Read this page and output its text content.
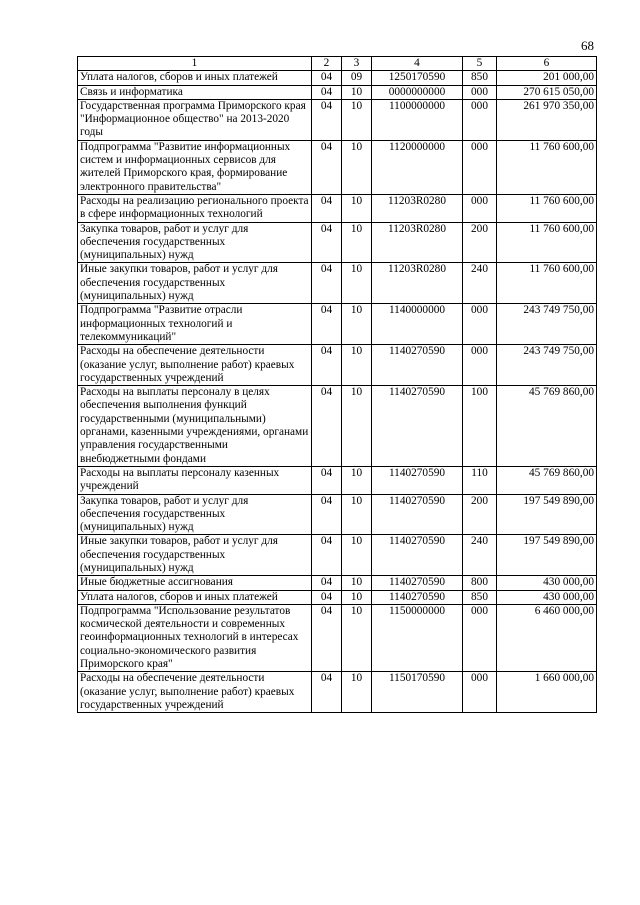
68
1	2	3	4	5	6
Уплата налогов, сборов и иных платежей	04	09	1250170590	850	201 000,00
Связь и информатика	04	10	0000000000	000	270 615 050,00
Государственная программа Приморского края "Информационное общество" на 2013-2020 годы	04	10	1100000000	000	261 970 350,00
Подпрограмма "Развитие информационных систем и информационных сервисов для жителей Приморского края, формирование электронного правительства"	04	10	1120000000	000	11 760 600,00
Расходы на реализацию регионального проекта в сфере информационных технологий	04	10	11203R0280	000	11 760 600,00
Закупка товаров, работ и услуг для обеспечения государственных (муниципальных) нужд	04	10	11203R0280	200	11 760 600,00
Иные закупки товаров, работ и услуг для обеспечения государственных (муниципальных) нужд	04	10	11203R0280	240	11 760 600,00
Подпрограмма "Развитие отрасли информационных технологий и телекоммуникаций"	04	10	1140000000	000	243 749 750,00
Расходы на обеспечение деятельности (оказание услуг, выполнение работ) краевых государственных учреждений	04	10	1140270590	000	243 749 750,00
Расходы на выплаты персоналу в целях обеспечения выполнения функций государственными (муниципальными) органами, казенными учреждениями, органами управления государственными внебюджетными фондами	04	10	1140270590	100	45 769 860,00
Расходы на выплаты персоналу казенных учреждений	04	10	1140270590	110	45 769 860,00
Закупка товаров, работ и услуг для обеспечения государственных (муниципальных) нужд	04	10	1140270590	200	197 549 890,00
Иные закупки товаров, работ и услуг для обеспечения государственных (муниципальных) нужд	04	10	1140270590	240	197 549 890,00
Иные бюджетные ассигнования	04	10	1140270590	800	430 000,00
Уплата налогов, сборов и иных платежей	04	10	1140270590	850	430 000,00
Подпрограмма "Использование результатов космической деятельности и современных геоинформационных технологий в интересах социально-экономического развития Приморского края"	04	10	1150000000	000	6 460 000,00
Расходы на обеспечение деятельности (оказание услуг, выполнение работ) краевых государственных учреждений	04	10	1150170590	000	1 660 000,00
